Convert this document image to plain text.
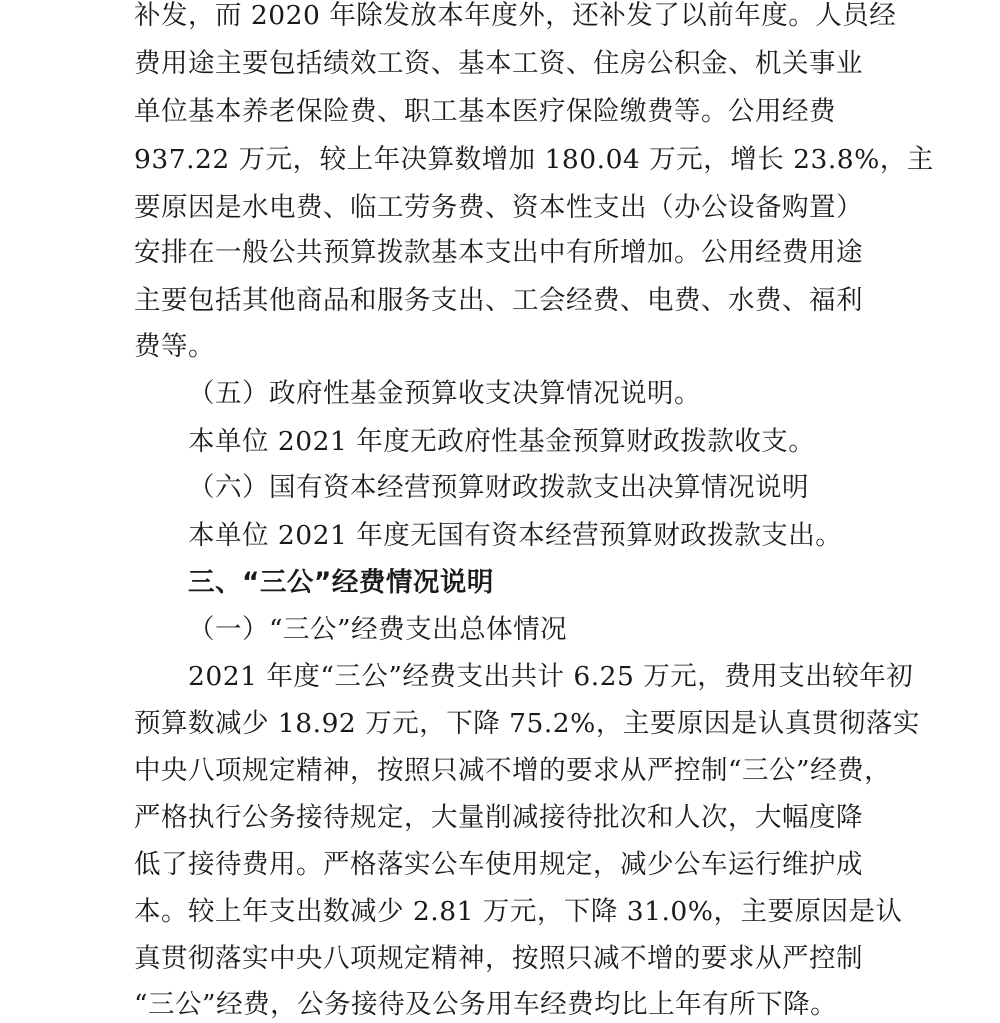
补发，而 2020 年除发放本年度外，还补发了以前年度。人员经
费用途主要包括绩效工资、基本工资、住房公积金、机关事业
单位基本养老保险费、职工基本医疗保险缴费等。公用经费
937.22 万元，较上年决算数增加 180.04 万元，增长 23.8%，主
要原因是水电费、临工劳务费、资本性支出（办公设备购置）
安排在一般公共预算拨款基本支出中有所增加。公用经费用途
主要包括其他商品和服务支出、工会经费、电费、水费、福利
费等。
（五）政府性基金预算收支决算情况说明。
本单位 2021 年度无政府性基金预算财政拨款收支。
（六）国有资本经营预算财政拨款支出决算情况说明
本单位 2021 年度无国有资本经营预算财政拨款支出。
三、“三公”经费情况说明
（一）“三公”经费支出总体情况
2021 年度“三公”经费支出共计 6.25 万元，费用支出较年初
预算数减少 18.92 万元，下降 75.2%，主要原因是认真贯彻落实
中央八项规定精神，按照只减不增的要求从严控制“三公”经费，
严格执行公务接待规定，大量削减接待批次和人次，大幅度降
低了接待费用。严格落实公车使用规定，减少公车运行维护成
本。较上年支出数减少 2.81 万元，下降 31.0%，主要原因是认
真贯彻落实中央八项规定精神，按照只减不增的要求从严控制
“三公”经费，公务接待及公务用车经费均比上年有所下降。
